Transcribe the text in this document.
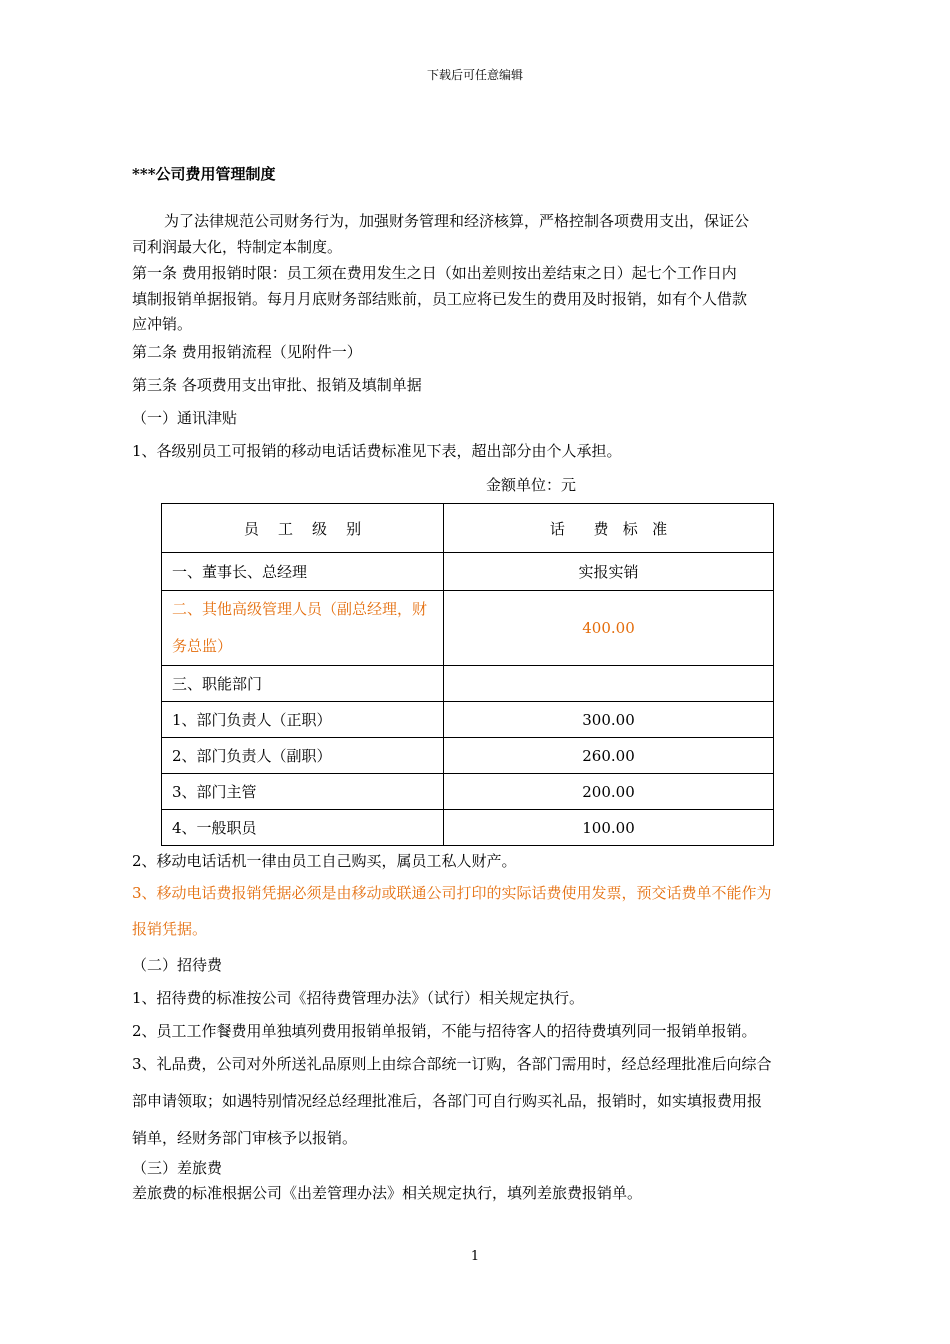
下载后可任意编辑
***公司费用管理制度
为了法律规范公司财务行为，加强财务管理和经济核算，严格控制各项费用支出，保证公
司利润最大化，特制定本制度。
第一条 费用报销时限：员工须在费用发生之日（如出差则按出差结束之日）起七个工作日内
填制报销单据报销。每月月底财务部结账前，员工应将已发生的费用及时报销，如有个人借款
应冲销。
第二条 费用报销流程（见附件一）
第三条 各项费用支出审批、报销及填制单据
（一）通讯津贴
1、各级别员工可报销的移动电话话费标准见下表，超出部分由个人承担。
金额单位：元
员    工    级    别	话      费   标   准
一、董事长、总经理	实报实销

二、其他高级管理人员（副总经理，财
务总监）	400.00
三、职能部门	
1、部门负责人（正职）	300.00
2、部门负责人（副职）	260.00
3、部门主管	200.00
4、一般职员	100.00
2、移动电话话机一律由员工自己购买，属员工私人财产。
3、移动电话费报销凭据必须是由移动或联通公司打印的实际话费使用发票，预交话费单不能作为
报销凭据。
（二）招待费
1、招待费的标准按公司《招待费管理办法》（试行）相关规定执行。
2、员工工作餐费用单独填列费用报销单报销，不能与招待客人的招待费填列同一报销单报销。
3、礼品费，公司对外所送礼品原则上由综合部统一订购，各部门需用时，经总经理批准后向综合
部申请领取；如遇特别情况经总经理批准后，各部门可自行购买礼品，报销时，如实填报费用报
销单，经财务部门审核予以报销。
（三）差旅费
差旅费的标准根据公司《出差管理办法》相关规定执行，填列差旅费报销单。
1
